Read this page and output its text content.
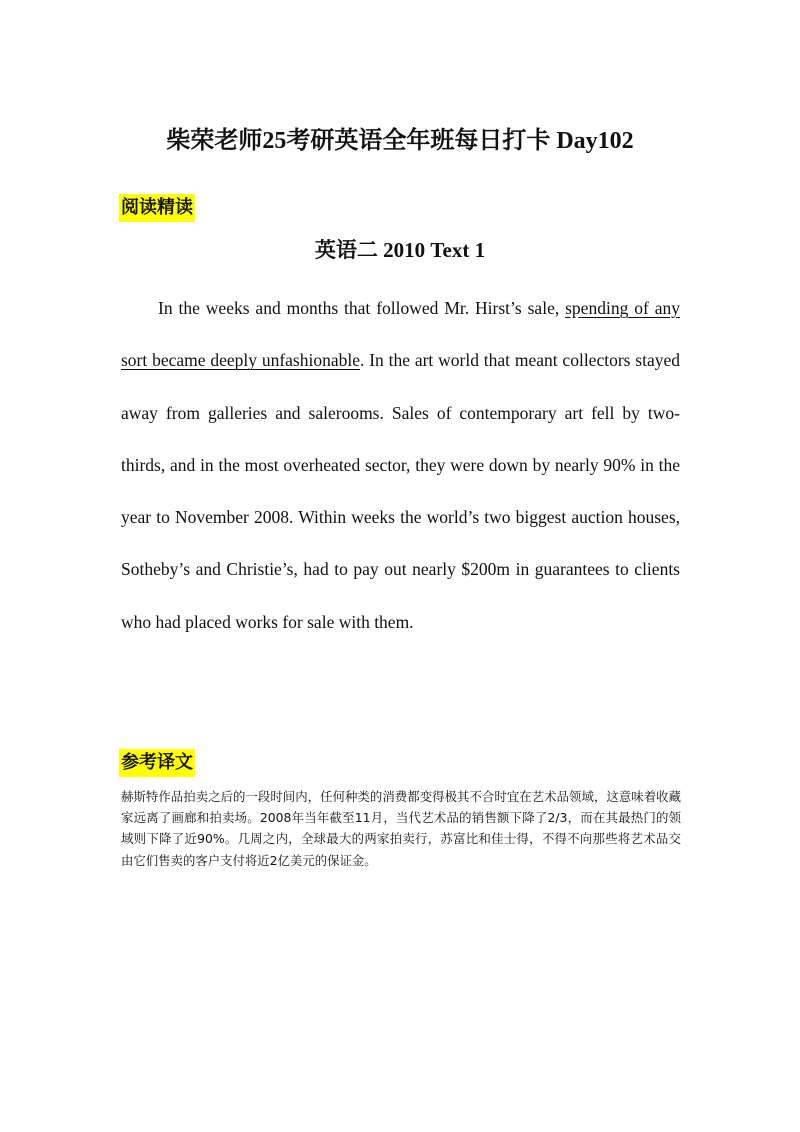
柴荣老师25考研英语全年班每日打卡 Day102
阅读精读
英语二 2010 Text 1

In the weeks and months that followed Mr. Hirst’s sale, spending of any sort became deeply unfashionable. In the art world that meant collectors stayed away from galleries and salerooms. Sales of contemporary art fell by two-thirds, and in the most overheated sector, they were down by nearly 90% in the year to November 2008. Within weeks the world’s two biggest auction houses, Sotheby’s and Christie’s, had to pay out nearly $200m in guarantees to clients who had placed works for sale with them.

参考译文

赫斯特作品拍卖之后的一段时间内，任何种类的消费都变得极其不合时宜在艺术品领域，这意味着收藏家远离了画廊和拍卖场。2008年当年截至11月，当代艺术品的销售额下降了2/3，而在其最热门的领域则下降了近90%。几周之内，全球最大的两家拍卖行，苏富比和佳士得，不得不向那些将艺术品交由它们售卖的客户支付将近2亿美元的保证金。
